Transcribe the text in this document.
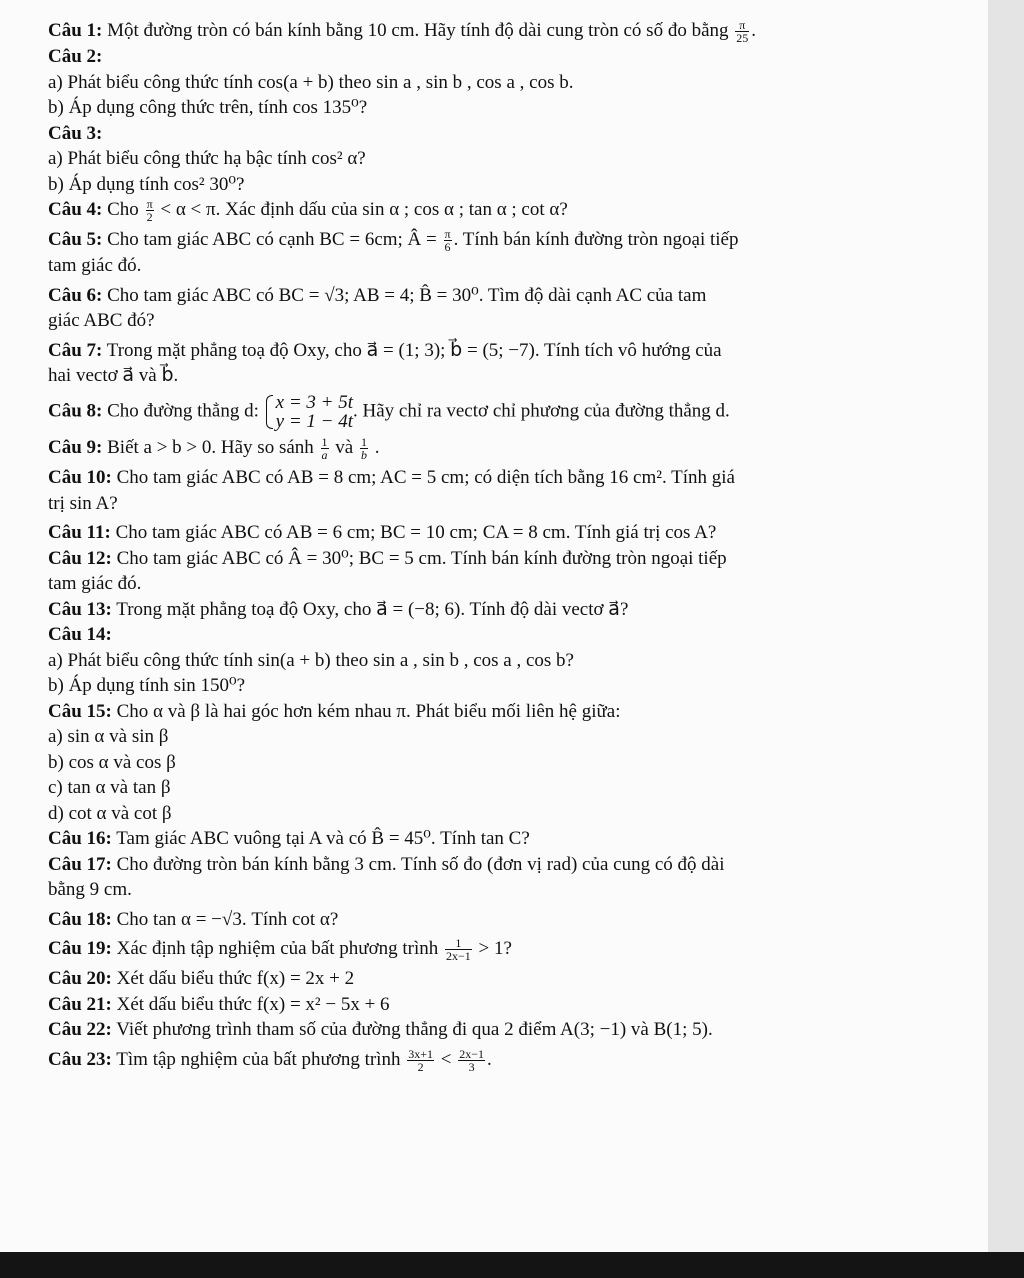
Câu 1: Một đường tròn có bán kính bằng 10 cm. Hãy tính độ dài cung tròn có số đo bằng $\frac{\pi}{25}$ .
Câu 2:
a) Phát biểu công thức tính cos(a + b) theo sin a , sin b , cos a , cos b.
b) Áp dụng công thức trên, tính cos 135⁰?
Câu 3:
a) Phát biểu công thức hạ bậc tính cos² α?
b) Áp dụng tính cos² 30⁰?
Câu 4: Cho $\frac{\pi}{2} < \alpha < \pi$. Xác định dấu của sin α ; cos α ; tan α ; cot α?
Câu 5: Cho tam giác ABC có cạnh BC = 6cm; Â = $\frac{\pi}{6}$ . Tính bán kính đường tròn ngoại tiếp
tam giác đó.
Câu 6: Cho tam giác ABC có BC = √3; AB = 4; B̂ = 30⁰. Tìm độ dài cạnh AC của tam
giác ABC đó?
Câu 7: Trong mặt phẳng toạ độ Oxy, cho a⃗ = (1; 3); b⃗ = (5; −7). Tính tích vô hướng của
hai vectơ a⃗ và b⃗.
Câu 8: Cho đường thẳng d: x = 3 + 5t
y = 1 − 4t
. Hãy chỉ ra vectơ chỉ phương của đường thẳng d.
Câu 9: Biết a > b > 0. Hãy so sánh $\frac{1}{a}$ và $\frac{1}{b}$ .
Câu 10: Cho tam giác ABC có AB = 8 cm; AC = 5 cm; có diện tích bằng 16 cm². Tính giá
trị sin A?
Câu 11: Cho tam giác ABC có AB = 6 cm; BC = 10 cm; CA = 8 cm. Tính giá trị cos A?
Câu 12: Cho tam giác ABC có Â = 30⁰; BC = 5 cm. Tính bán kính đường tròn ngoại tiếp
tam giác đó.
Câu 13: Trong mặt phẳng toạ độ Oxy, cho a⃗ = (−8; 6). Tính độ dài vectơ a⃗?
Câu 14:
a) Phát biểu công thức tính sin(a + b) theo sin a , sin b , cos a , cos b?
b) Áp dụng tính sin 150⁰?
Câu 15: Cho α và β là hai góc hơn kém nhau π. Phát biểu mối liên hệ giữa:
a) sin α và sin β
b) cos α và cos β
c) tan α và tan β
d) cot α và cot β
Câu 16: Tam giác ABC vuông tại A và có B̂ = 45⁰. Tính tan C?
Câu 17: Cho đường tròn bán kính bằng 3 cm. Tính số đo (đơn vị rad) của cung có độ dài
bằng 9 cm.
Câu 18: Cho tan α = −√3. Tính cot α?
Câu 19: Xác định tập nghiệm của bất phương trình $\frac{1}{2x-1} > 1$?
Câu 20: Xét dấu biểu thức f(x) = 2x + 2
Câu 21: Xét dấu biểu thức f(x) = x² − 5x + 6
Câu 22: Viết phương trình tham số của đường thẳng đi qua 2 điểm A(3; −1) và B(1; 5).
Câu 23: Tìm tập nghiệm của bất phương trình $\frac{3x+1}{2} < \frac{2x-1}{3}$ .
